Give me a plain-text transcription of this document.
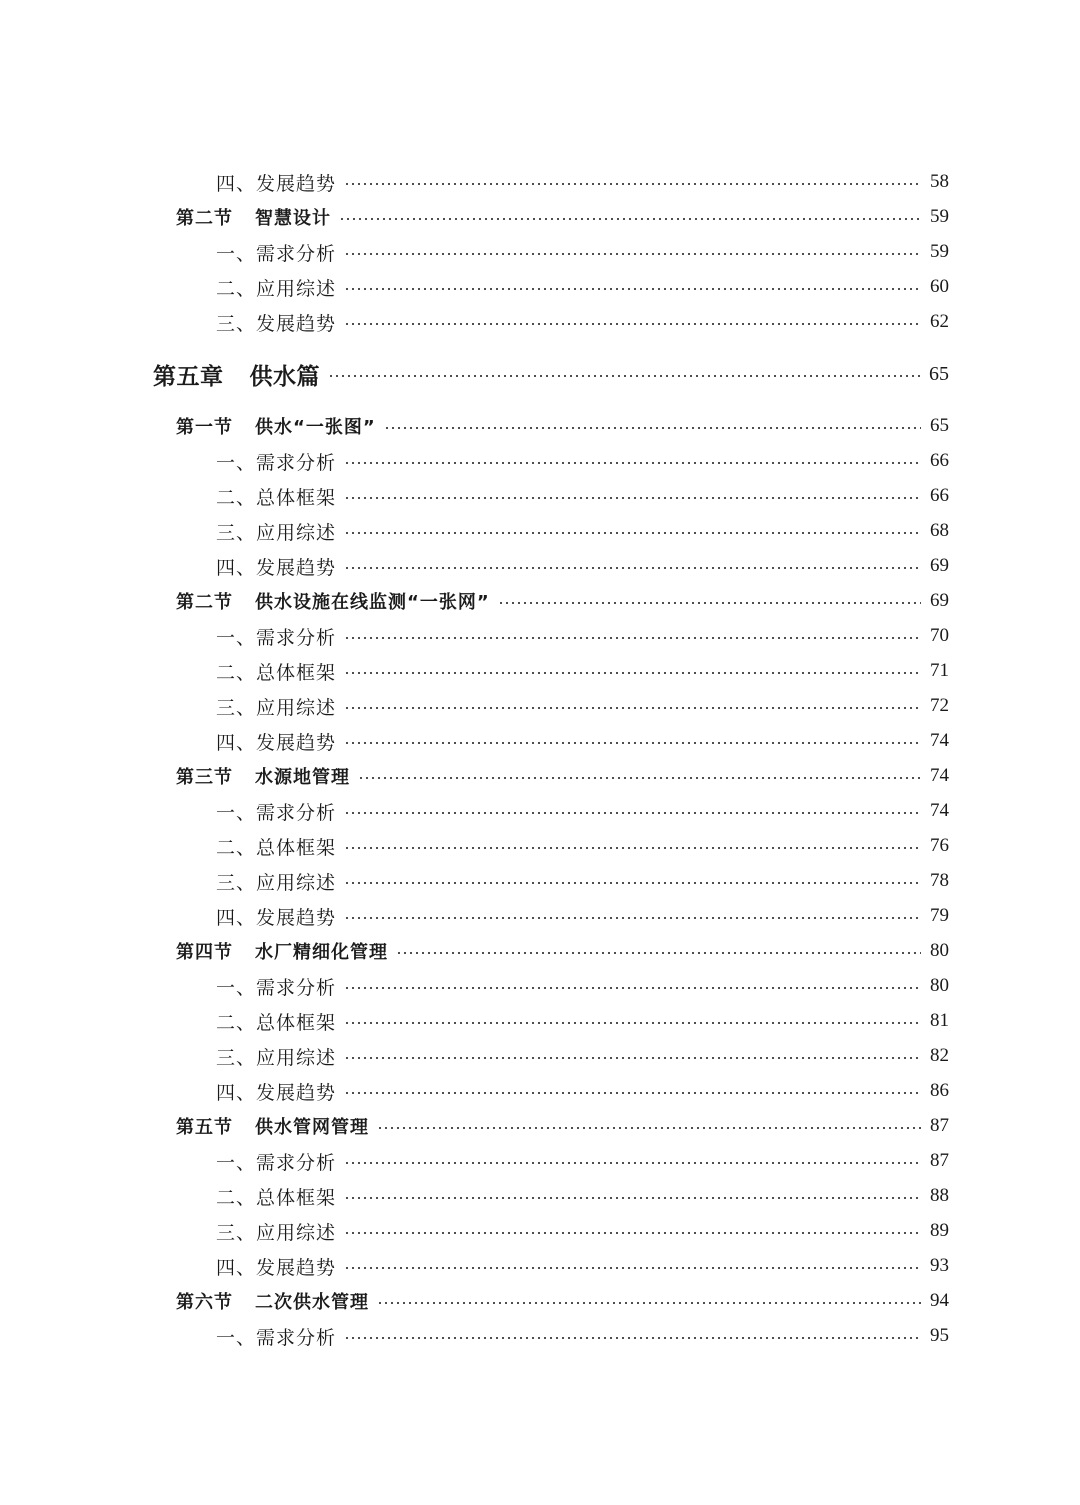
四、发展趋势	58
第二节 智慧设计	59
一、需求分析	59
二、应用综述	60
三、发展趋势	62
第五章 供水篇	65
第一节 供水“一张图”	65
一、需求分析	66
二、总体框架	66
三、应用综述	68
四、发展趋势	69
第二节 供水设施在线监测“一张网”	69
一、需求分析	70
二、总体框架	71
三、应用综述	72
四、发展趋势	74
第三节 水源地管理	74
一、需求分析	74
二、总体框架	76
三、应用综述	78
四、发展趋势	79
第四节 水厂精细化管理	80
一、需求分析	80
二、总体框架	81
三、应用综述	82
四、发展趋势	86
第五节 供水管网管理	87
一、需求分析	87
二、总体框架	88
三、应用综述	89
四、发展趋势	93
第六节 二次供水管理	94
一、需求分析	95
